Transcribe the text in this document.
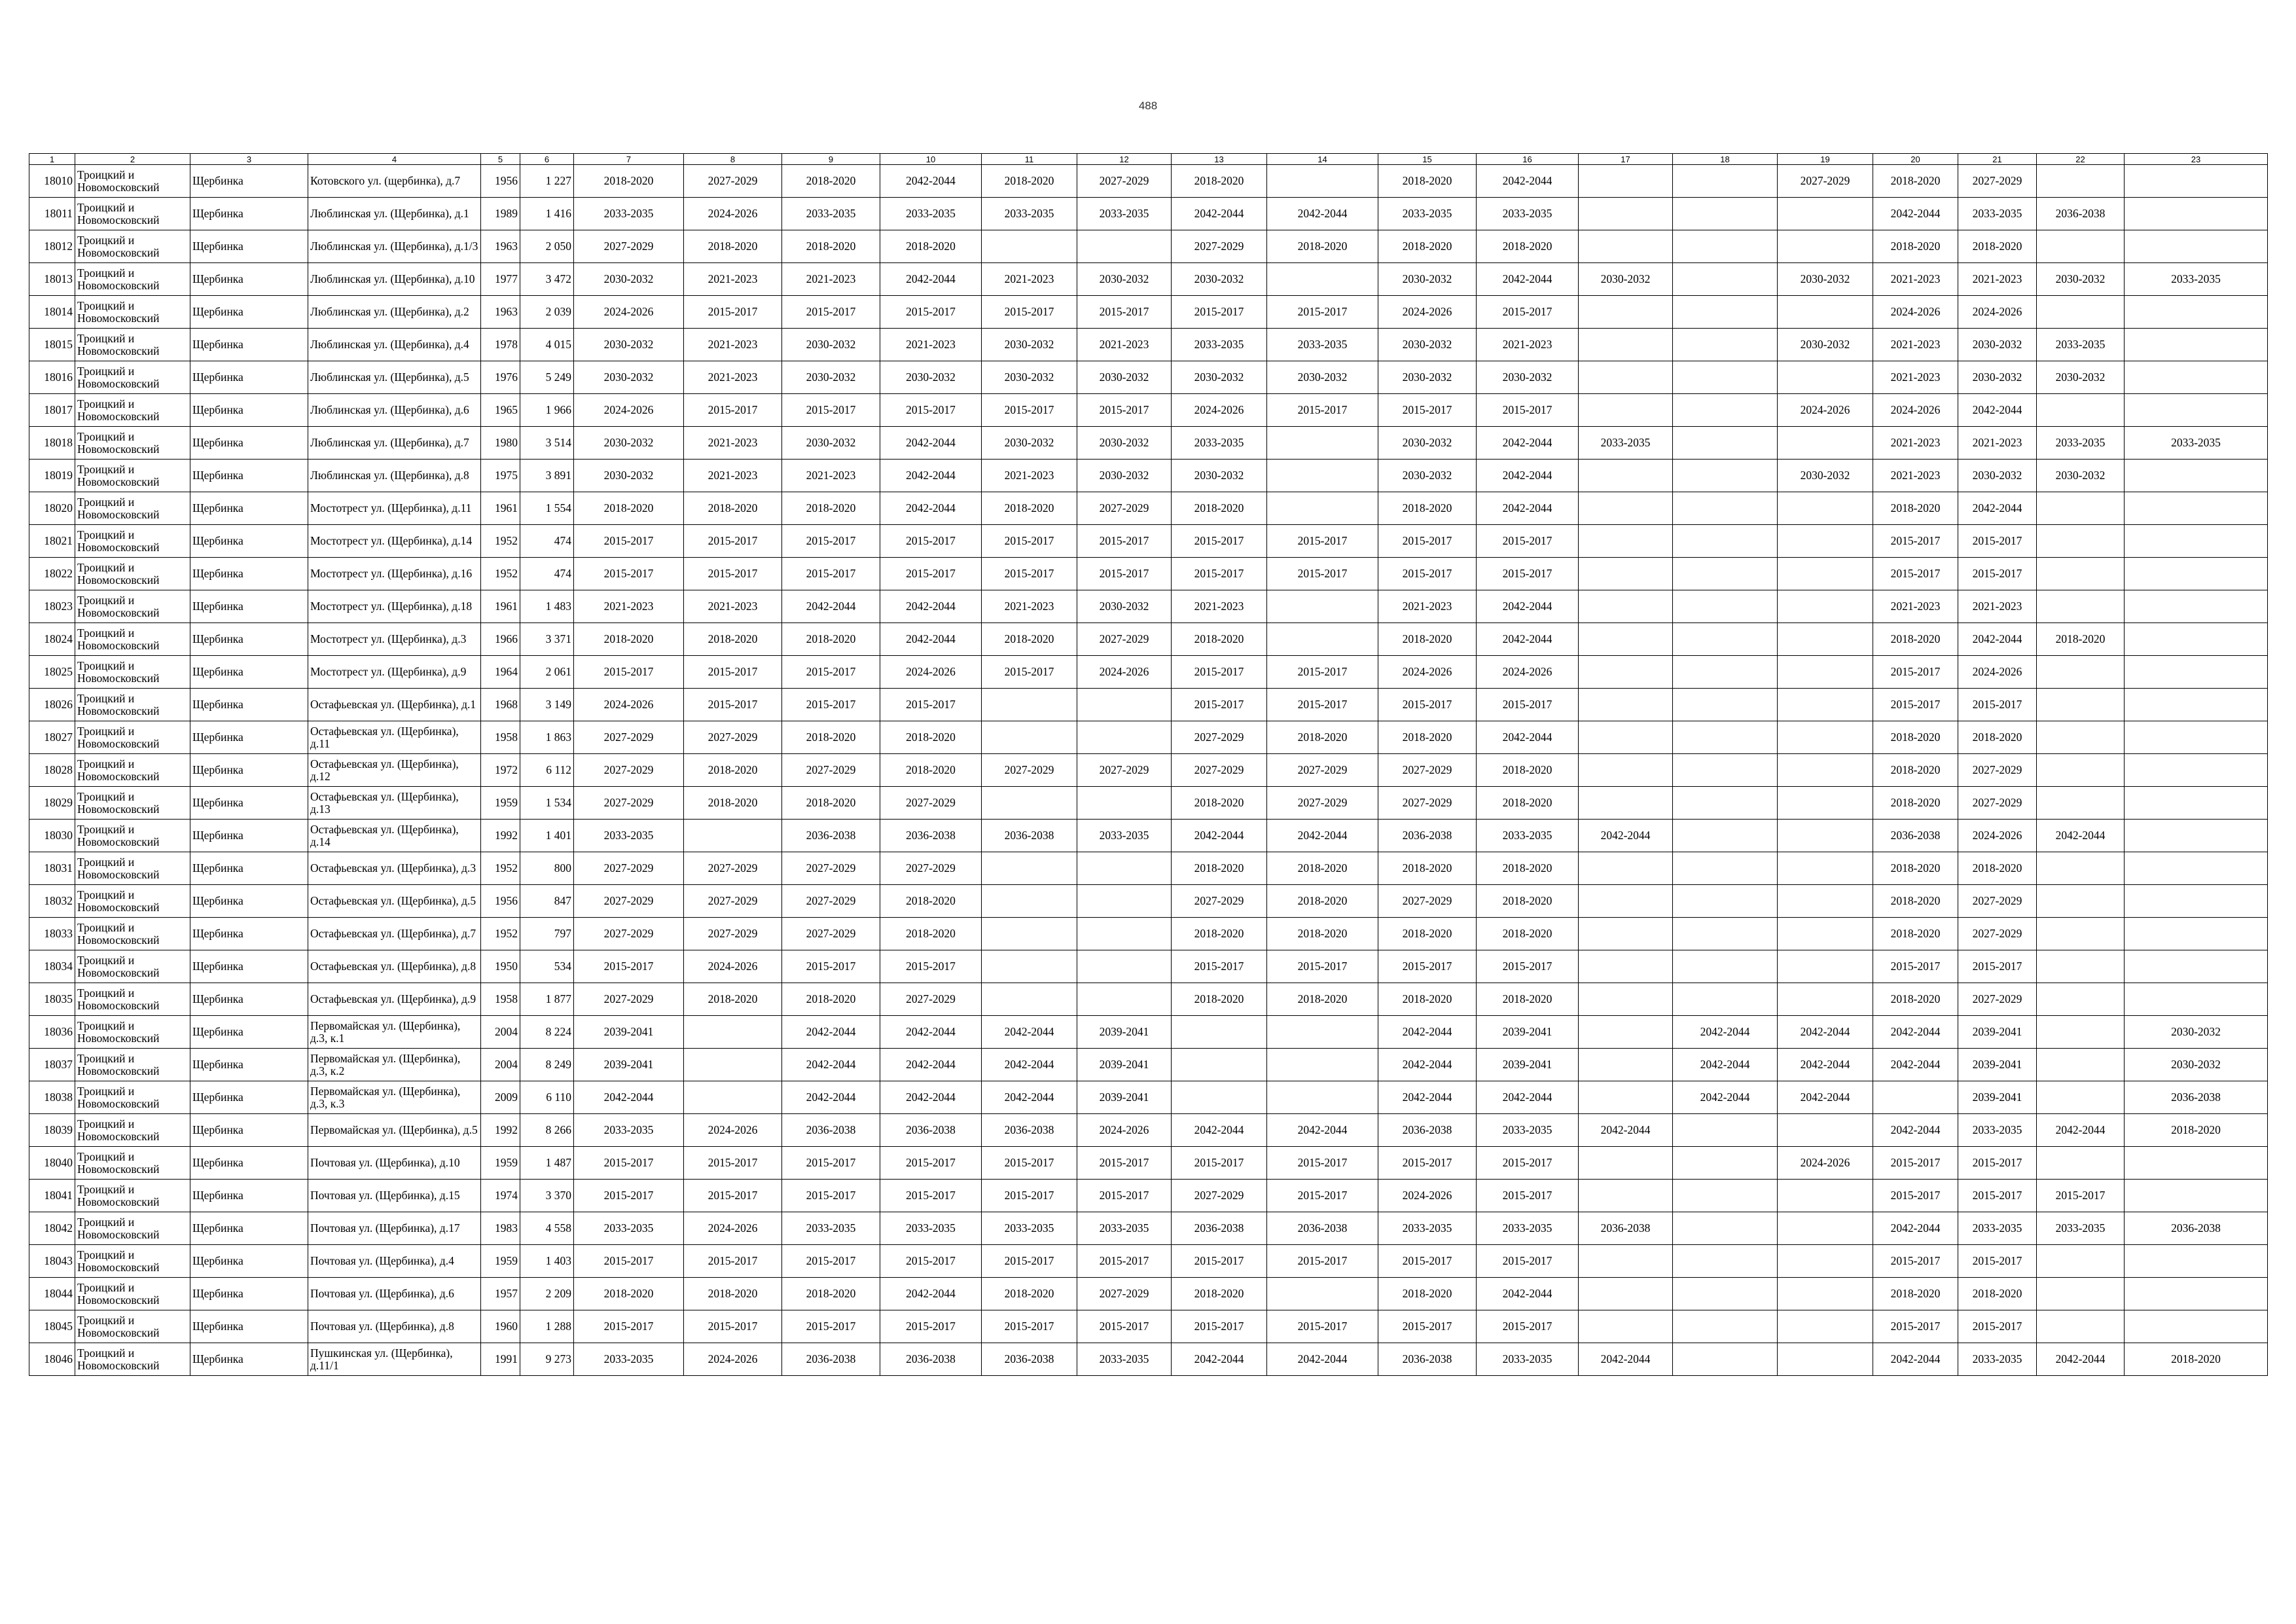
488
1	2	3	4	5	6	7	8	9	10	11	12	13	14	15	16	17	18	19	20	21	22	23
18010	Троицкий и Новомосковский	Щербинка	Котовского ул. (щербинка), д.7	1956	1 227	2018-2020	2027-2029	2018-2020	2042-2044	2018-2020	2027-2029	2018-2020		2018-2020	2042-2044			2027-2029	2018-2020	2027-2029		
18011	Троицкий и Новомосковский	Щербинка	Люблинская ул. (Щербинка), д.1	1989	1 416	2033-2035	2024-2026	2033-2035	2033-2035	2033-2035	2033-2035	2042-2044	2042-2044	2033-2035	2033-2035				2042-2044	2033-2035	2036-2038	
18012	Троицкий и Новомосковский	Щербинка	Люблинская ул. (Щербинка), д.1/3	1963	2 050	2027-2029	2018-2020	2018-2020	2018-2020			2027-2029	2018-2020	2018-2020	2018-2020				2018-2020	2018-2020		
18013	Троицкий и Новомосковский	Щербинка	Люблинская ул. (Щербинка), д.10	1977	3 472	2030-2032	2021-2023	2021-2023	2042-2044	2021-2023	2030-2032	2030-2032		2030-2032	2042-2044	2030-2032		2030-2032	2021-2023	2021-2023	2030-2032	2033-2035
18014	Троицкий и Новомосковский	Щербинка	Люблинская ул. (Щербинка), д.2	1963	2 039	2024-2026	2015-2017	2015-2017	2015-2017	2015-2017	2015-2017	2015-2017	2015-2017	2024-2026	2015-2017				2024-2026	2024-2026		
18015	Троицкий и Новомосковский	Щербинка	Люблинская ул. (Щербинка), д.4	1978	4 015	2030-2032	2021-2023	2030-2032	2021-2023	2030-2032	2021-2023	2033-2035	2033-2035	2030-2032	2021-2023			2030-2032	2021-2023	2030-2032	2033-2035	
18016	Троицкий и Новомосковский	Щербинка	Люблинская ул. (Щербинка), д.5	1976	5 249	2030-2032	2021-2023	2030-2032	2030-2032	2030-2032	2030-2032	2030-2032	2030-2032	2030-2032	2030-2032				2021-2023	2030-2032	2030-2032	
18017	Троицкий и Новомосковский	Щербинка	Люблинская ул. (Щербинка), д.6	1965	1 966	2024-2026	2015-2017	2015-2017	2015-2017	2015-2017	2015-2017	2024-2026	2015-2017	2015-2017	2015-2017			2024-2026	2024-2026	2042-2044		
18018	Троицкий и Новомосковский	Щербинка	Люблинская ул. (Щербинка), д.7	1980	3 514	2030-2032	2021-2023	2030-2032	2042-2044	2030-2032	2030-2032	2033-2035		2030-2032	2042-2044	2033-2035			2021-2023	2021-2023	2033-2035	2033-2035
18019	Троицкий и Новомосковский	Щербинка	Люблинская ул. (Щербинка), д.8	1975	3 891	2030-2032	2021-2023	2021-2023	2042-2044	2021-2023	2030-2032	2030-2032		2030-2032	2042-2044			2030-2032	2021-2023	2030-2032	2030-2032	
18020	Троицкий и Новомосковский	Щербинка	Мостотрест ул. (Щербинка), д.11	1961	1 554	2018-2020	2018-2020	2018-2020	2042-2044	2018-2020	2027-2029	2018-2020		2018-2020	2042-2044				2018-2020	2042-2044		
18021	Троицкий и Новомосковский	Щербинка	Мостотрест ул. (Щербинка), д.14	1952	474	2015-2017	2015-2017	2015-2017	2015-2017	2015-2017	2015-2017	2015-2017	2015-2017	2015-2017	2015-2017				2015-2017	2015-2017		
18022	Троицкий и Новомосковский	Щербинка	Мостотрест ул. (Щербинка), д.16	1952	474	2015-2017	2015-2017	2015-2017	2015-2017	2015-2017	2015-2017	2015-2017	2015-2017	2015-2017	2015-2017				2015-2017	2015-2017		
18023	Троицкий и Новомосковский	Щербинка	Мостотрест ул. (Щербинка), д.18	1961	1 483	2021-2023	2021-2023	2042-2044	2042-2044	2021-2023	2030-2032	2021-2023		2021-2023	2042-2044				2021-2023	2021-2023		
18024	Троицкий и Новомосковский	Щербинка	Мостотрест ул. (Щербинка), д.3	1966	3 371	2018-2020	2018-2020	2018-2020	2042-2044	2018-2020	2027-2029	2018-2020		2018-2020	2042-2044				2018-2020	2042-2044	2018-2020	
18025	Троицкий и Новомосковский	Щербинка	Мостотрест ул. (Щербинка), д.9	1964	2 061	2015-2017	2015-2017	2015-2017	2024-2026	2015-2017	2024-2026	2015-2017	2015-2017	2024-2026	2024-2026				2015-2017	2024-2026		
18026	Троицкий и Новомосковский	Щербинка	Остафьевская ул. (Щербинка), д.1	1968	3 149	2024-2026	2015-2017	2015-2017	2015-2017			2015-2017	2015-2017	2015-2017	2015-2017				2015-2017	2015-2017		
18027	Троицкий и Новомосковский	Щербинка	Остафьевская ул. (Щербинка), д.11	1958	1 863	2027-2029	2027-2029	2018-2020	2018-2020			2027-2029	2018-2020	2018-2020	2042-2044				2018-2020	2018-2020		
18028	Троицкий и Новомосковский	Щербинка	Остафьевская ул. (Щербинка), д.12	1972	6 112	2027-2029	2018-2020	2027-2029	2018-2020	2027-2029	2027-2029	2027-2029	2027-2029	2027-2029	2018-2020				2018-2020	2027-2029		
18029	Троицкий и Новомосковский	Щербинка	Остафьевская ул. (Щербинка), д.13	1959	1 534	2027-2029	2018-2020	2018-2020	2027-2029			2018-2020	2027-2029	2027-2029	2018-2020				2018-2020	2027-2029		
18030	Троицкий и Новомосковский	Щербинка	Остафьевская ул. (Щербинка), д.14	1992	1 401	2033-2035		2036-2038	2036-2038	2036-2038	2033-2035	2042-2044	2042-2044	2036-2038	2033-2035	2042-2044			2036-2038	2024-2026	2042-2044	
18031	Троицкий и Новомосковский	Щербинка	Остафьевская ул. (Щербинка), д.3	1952	800	2027-2029	2027-2029	2027-2029	2027-2029			2018-2020	2018-2020	2018-2020	2018-2020				2018-2020	2018-2020		
18032	Троицкий и Новомосковский	Щербинка	Остафьевская ул. (Щербинка), д.5	1956	847	2027-2029	2027-2029	2027-2029	2018-2020			2027-2029	2018-2020	2027-2029	2018-2020				2018-2020	2027-2029		
18033	Троицкий и Новомосковский	Щербинка	Остафьевская ул. (Щербинка), д.7	1952	797	2027-2029	2027-2029	2027-2029	2018-2020			2018-2020	2018-2020	2018-2020	2018-2020				2018-2020	2027-2029		
18034	Троицкий и Новомосковский	Щербинка	Остафьевская ул. (Щербинка), д.8	1950	534	2015-2017	2024-2026	2015-2017	2015-2017			2015-2017	2015-2017	2015-2017	2015-2017				2015-2017	2015-2017		
18035	Троицкий и Новомосковский	Щербинка	Остафьевская ул. (Щербинка), д.9	1958	1 877	2027-2029	2018-2020	2018-2020	2027-2029			2018-2020	2018-2020	2018-2020	2018-2020				2018-2020	2027-2029		
18036	Троицкий и Новомосковский	Щербинка	Первомайская ул. (Щербинка), д.3, к.1	2004	8 224	2039-2041		2042-2044	2042-2044	2042-2044	2039-2041			2042-2044	2039-2041		2042-2044	2042-2044	2042-2044	2039-2041		2030-2032
18037	Троицкий и Новомосковский	Щербинка	Первомайская ул. (Щербинка), д.3, к.2	2004	8 249	2039-2041		2042-2044	2042-2044	2042-2044	2039-2041			2042-2044	2039-2041		2042-2044	2042-2044	2042-2044	2039-2041		2030-2032
18038	Троицкий и Новомосковский	Щербинка	Первомайская ул. (Щербинка), д.3, к.3	2009	6 110	2042-2044		2042-2044	2042-2044	2042-2044	2039-2041			2042-2044	2042-2044		2042-2044	2042-2044		2039-2041		2036-2038
18039	Троицкий и Новомосковский	Щербинка	Первомайская ул. (Щербинка), д.5	1992	8 266	2033-2035	2024-2026	2036-2038	2036-2038	2036-2038	2024-2026	2042-2044	2042-2044	2036-2038	2033-2035	2042-2044			2042-2044	2033-2035	2042-2044	2018-2020
18040	Троицкий и Новомосковский	Щербинка	Почтовая ул. (Щербинка), д.10	1959	1 487	2015-2017	2015-2017	2015-2017	2015-2017	2015-2017	2015-2017	2015-2017	2015-2017	2015-2017	2015-2017			2024-2026	2015-2017	2015-2017		
18041	Троицкий и Новомосковский	Щербинка	Почтовая ул. (Щербинка), д.15	1974	3 370	2015-2017	2015-2017	2015-2017	2015-2017	2015-2017	2015-2017	2027-2029	2015-2017	2024-2026	2015-2017				2015-2017	2015-2017	2015-2017	
18042	Троицкий и Новомосковский	Щербинка	Почтовая ул. (Щербинка), д.17	1983	4 558	2033-2035	2024-2026	2033-2035	2033-2035	2033-2035	2033-2035	2036-2038	2036-2038	2033-2035	2033-2035	2036-2038			2042-2044	2033-2035	2033-2035	2036-2038
18043	Троицкий и Новомосковский	Щербинка	Почтовая ул. (Щербинка), д.4	1959	1 403	2015-2017	2015-2017	2015-2017	2015-2017	2015-2017	2015-2017	2015-2017	2015-2017	2015-2017	2015-2017				2015-2017	2015-2017		
18044	Троицкий и Новомосковский	Щербинка	Почтовая ул. (Щербинка), д.6	1957	2 209	2018-2020	2018-2020	2018-2020	2042-2044	2018-2020	2027-2029	2018-2020		2018-2020	2042-2044				2018-2020	2018-2020		
18045	Троицкий и Новомосковский	Щербинка	Почтовая ул. (Щербинка), д.8	1960	1 288	2015-2017	2015-2017	2015-2017	2015-2017	2015-2017	2015-2017	2015-2017	2015-2017	2015-2017	2015-2017				2015-2017	2015-2017		
18046	Троицкий и Новомосковский	Щербинка	Пушкинская ул. (Щербинка), д.11/1	1991	9 273	2033-2035	2024-2026	2036-2038	2036-2038	2036-2038	2033-2035	2042-2044	2042-2044	2036-2038	2033-2035	2042-2044			2042-2044	2033-2035	2042-2044	2018-2020
